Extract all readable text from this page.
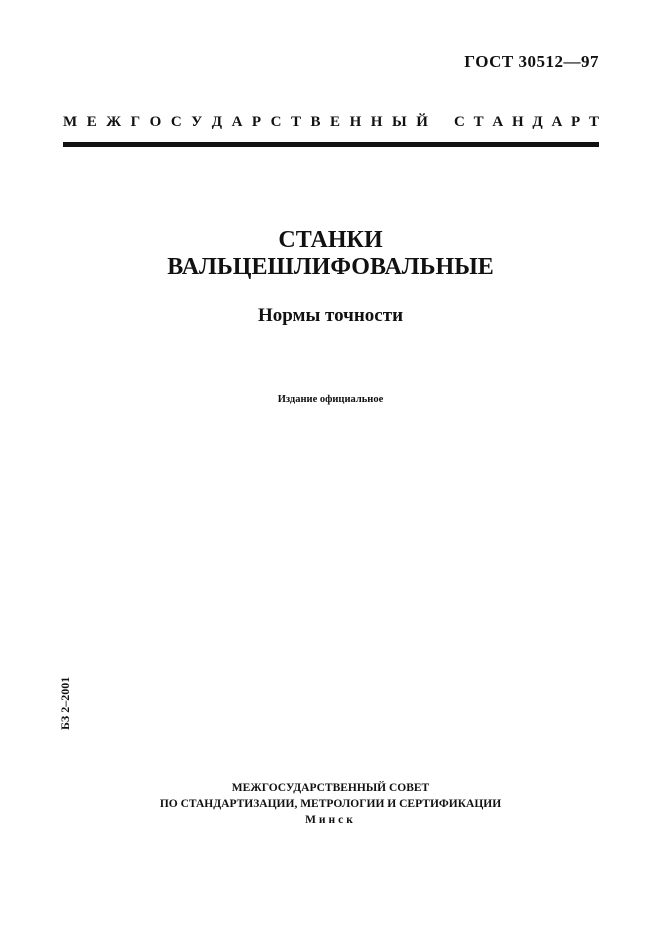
ГОСТ 30512—97
М Е Ж Г О С У Д А Р С Т В Е Н Н Ы Й С Т А Н Д А Р Т
СТАНКИ
ВАЛЬЦЕШЛИФОВАЛЬНЫЕ
Нормы точности
Издание официальное
БЗ 2–2001
МЕЖГОСУДАРСТВЕННЫЙ СОВЕТ
ПО СТАНДАРТИЗАЦИИ, МЕТРОЛОГИИ И СЕРТИФИКАЦИИ
Минск
